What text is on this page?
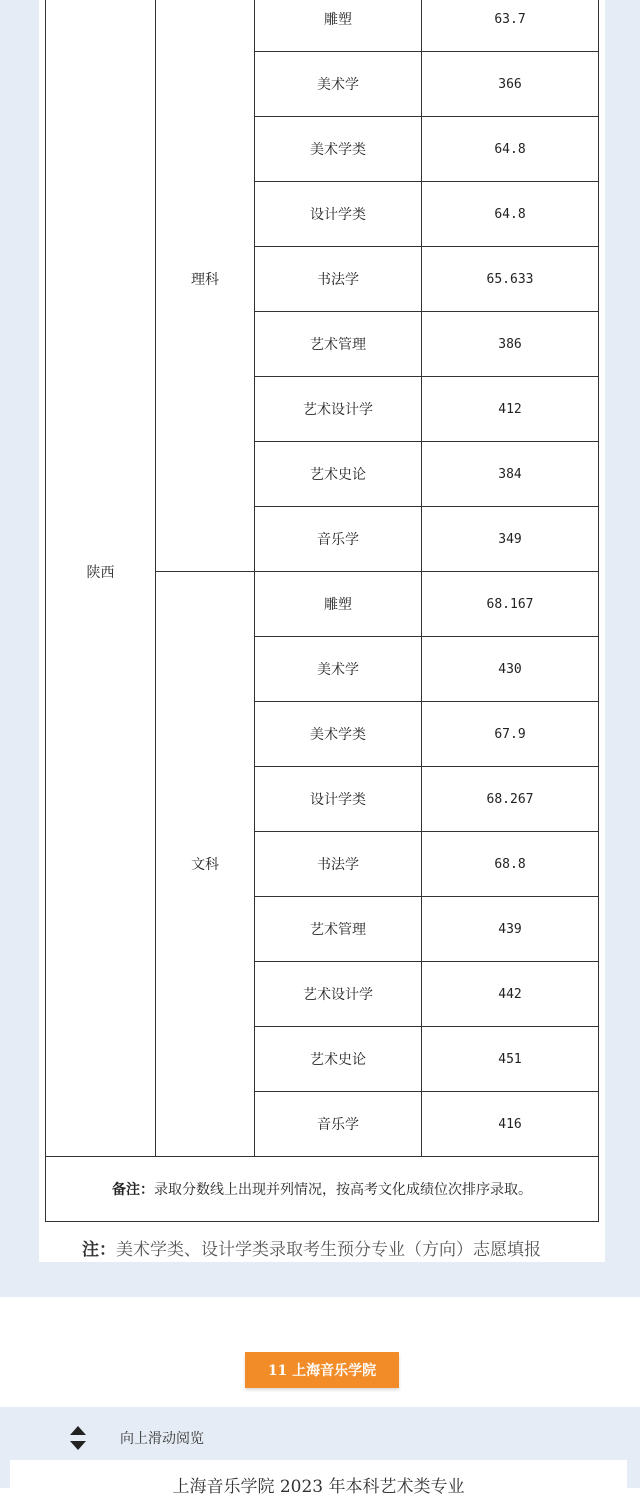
陕西	理科	雕塑	63.7
		美术学	366
		美术学类	64.8
		设计学类	64.8
		书法学	65.633
		艺术管理	386
		艺术设计学	412
		艺术史论	384
		音乐学	349
	文科	雕塑	68.167
		美术学	430
		美术学类	67.9
		设计学类	68.267
		书法学	68.8
		艺术管理	439
		艺术设计学	442
		艺术史论	451
		音乐学	416
备注：录取分数线上出现并列情况，按高考文化成绩位次排序录取。			
注：美术学类、设计学类录取考生预分专业（方向）志愿填报
11 上海音乐学院
向上滑动阅览
上海音乐学院 2023 年本科艺术类专业
